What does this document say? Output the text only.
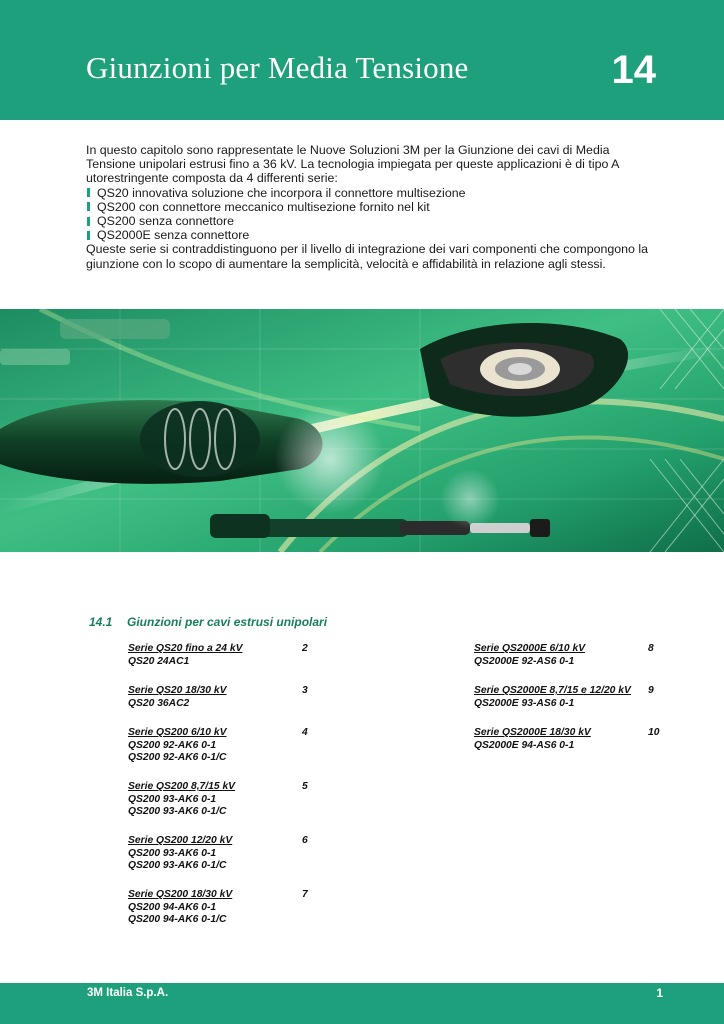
Giunzioni per Media Tensione	14

In questo capitolo sono rappresentate le Nuove Soluzioni 3M per la Giunzione dei cavi di Media Tensione unipolari estrusi fino a 36 kV. La tecnologia impiegata per queste applicazioni è di tipo A utorestringente composta da 4 differenti serie:

QS20 innovativa soluzione che incorpora il connettore multisezione
QS200 con connettore meccanico multisezione fornito nel kit
QS200 senza connettore
QS2000E senza connettore

Queste serie si contraddistinguono per il livello di integrazione dei vari componenti che compongono la giunzione con lo scopo di aumentare la semplicità, velocità e affidabilità in relazione agli stessi.

14.1 Giunzioni per cavi estrusi unipolari
Serie QS20 fino a 24 kV
QS20 24AC1
2
Serie QS20 18/30 kV
QS20 36AC2
3
Serie QS200 6/10 kV
QS200 92-AK6 0-1
QS200 92-AK6 0-1/C
4
Serie QS200 8,7/15 kV
QS200 93-AK6 0-1
QS200 93-AK6 0-1/C
5
Serie QS200 12/20 kV
QS200 93-AK6 0-1
QS200 93-AK6 0-1/C
6
Serie QS200 18/30 kV
QS200 94-AK6 0-1
QS200 94-AK6 0-1/C
7
Serie QS2000E 6/10 kV
QS2000E 92-AS6 0-1
8
Serie QS2000E 8,7/15 e 12/20 kV
QS2000E 93-AS6 0-1
9
Serie QS2000E 18/30 kV
QS2000E 94-AS6 0-1
10
3M Italia S.p.A.	1
